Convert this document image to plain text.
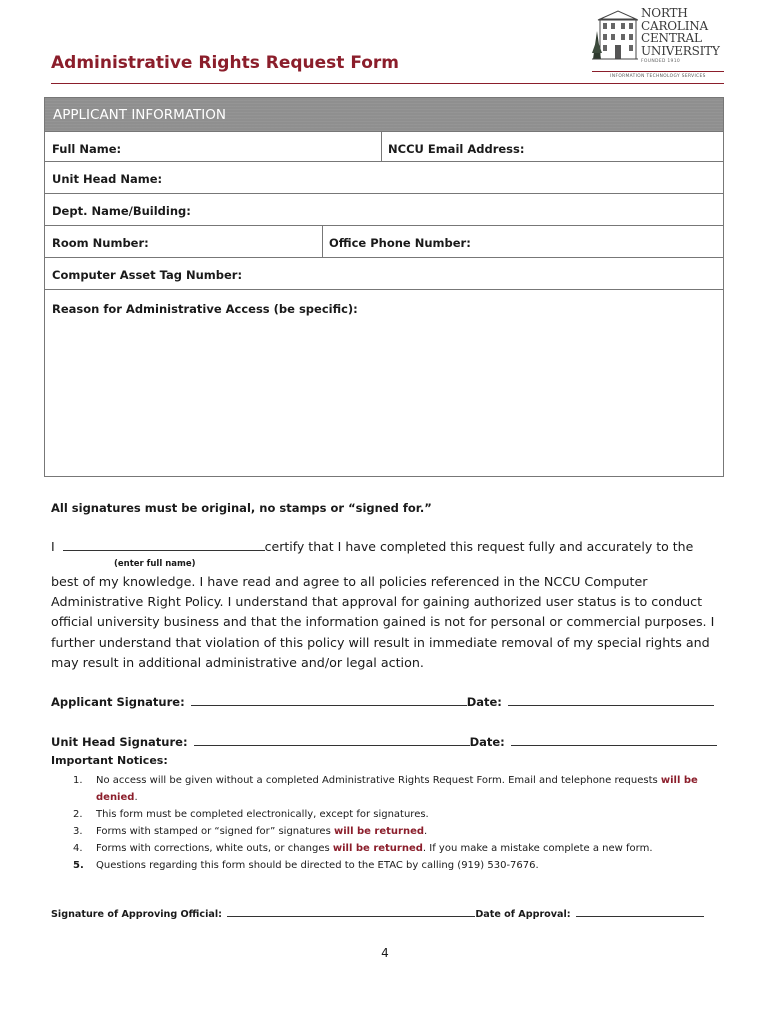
Administrative Rights Request Form
NORTH
CAROLINA
CENTRAL
UNIVERSITY
FOUNDED 1910
INFORMATION TECHNOLOGY SERVICES
APPLICANT INFORMATION
Full Name:	NCCU Email Address:
Unit Head Name:
Dept. Name/Building:
Room Number:	Office Phone Number:
Computer Asset Tag Number:
Reason for Administrative Access (be specific):
All signatures must be original, no stamps or “signed for.”
I	certify that I have completed this request fully and accurately to the
(enter full name)
best of my knowledge. I have read and agree to all policies referenced in the NCCU Computer Administrative Right Policy. I understand that approval for gaining authorized user status is to conduct official university business and that the information gained is not for personal or commercial purposes. I further understand that violation of this policy will result in immediate removal of my special rights and may result in additional administrative and/or legal action.
Applicant Signature:	Date:
Unit Head Signature:	Date:
Important Notices:
1. No access will be given without a completed Administrative Rights Request Form. Email and telephone requests will be denied.
2. This form must be completed electronically, except for signatures.
3. Forms with stamped or “signed for” signatures will be returned.
4. Forms with corrections, white outs, or changes will be returned. If you make a mistake complete a new form.
5. Questions regarding this form should be directed to the ETAC by calling (919) 530-7676.
Signature of Approving Official:	Date of Approval:
4
